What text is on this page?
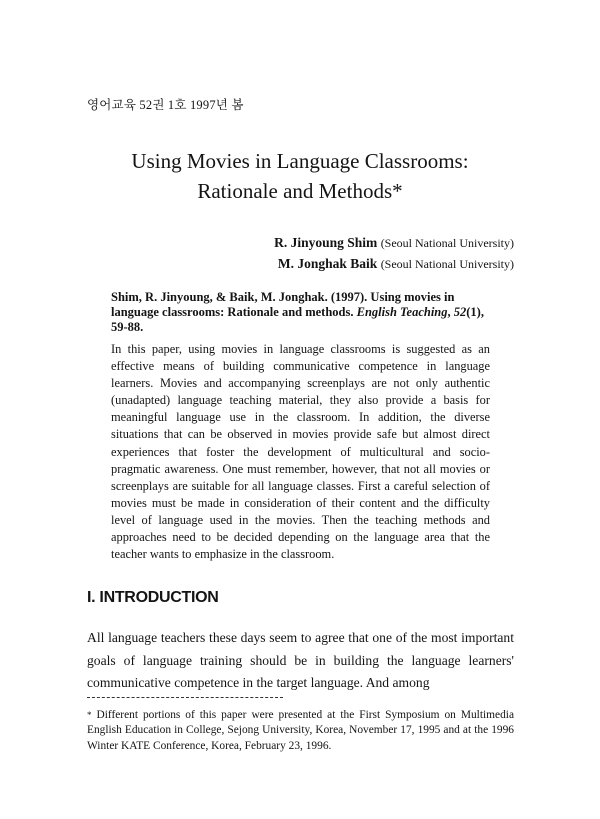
영어교육 52권 1호 1997년 봄
Using Movies in Language Classrooms:
Rationale and Methods*
R. Jinyoung Shim (Seoul National University)
M. Jonghak Baik (Seoul National University)
Shim, R. Jinyoung, & Baik, M. Jonghak. (1997). Using movies in language classrooms: Rationale and methods. English Teaching, 52(1), 59-88.
In this paper, using movies in language classrooms is suggested as an effective means of building communicative competence in language learners. Movies and accompanying screenplays are not only authentic (unadapted) language teaching material, they also provide a basis for meaningful language use in the classroom. In addition, the diverse situations that can be observed in movies provide safe but almost direct experiences that foster the development of multicultural and socio-pragmatic awareness. One must remember, however, that not all movies or screenplays are suitable for all language classes. First a careful selection of movies must be made in consideration of their content and the difficulty level of language used in the movies. Then the teaching methods and approaches need to be decided depending on the language area that the teacher wants to emphasize in the classroom.
I. INTRODUCTION
All language teachers these days seem to agree that one of the most important goals of language training should be in building the language learners' communicative competence in the target language. And among
* Different portions of this paper were presented at the First Symposium on Multimedia English Education in College, Sejong University, Korea, November 17, 1995 and at the 1996 Winter KATE Conference, Korea, February 23, 1996.
